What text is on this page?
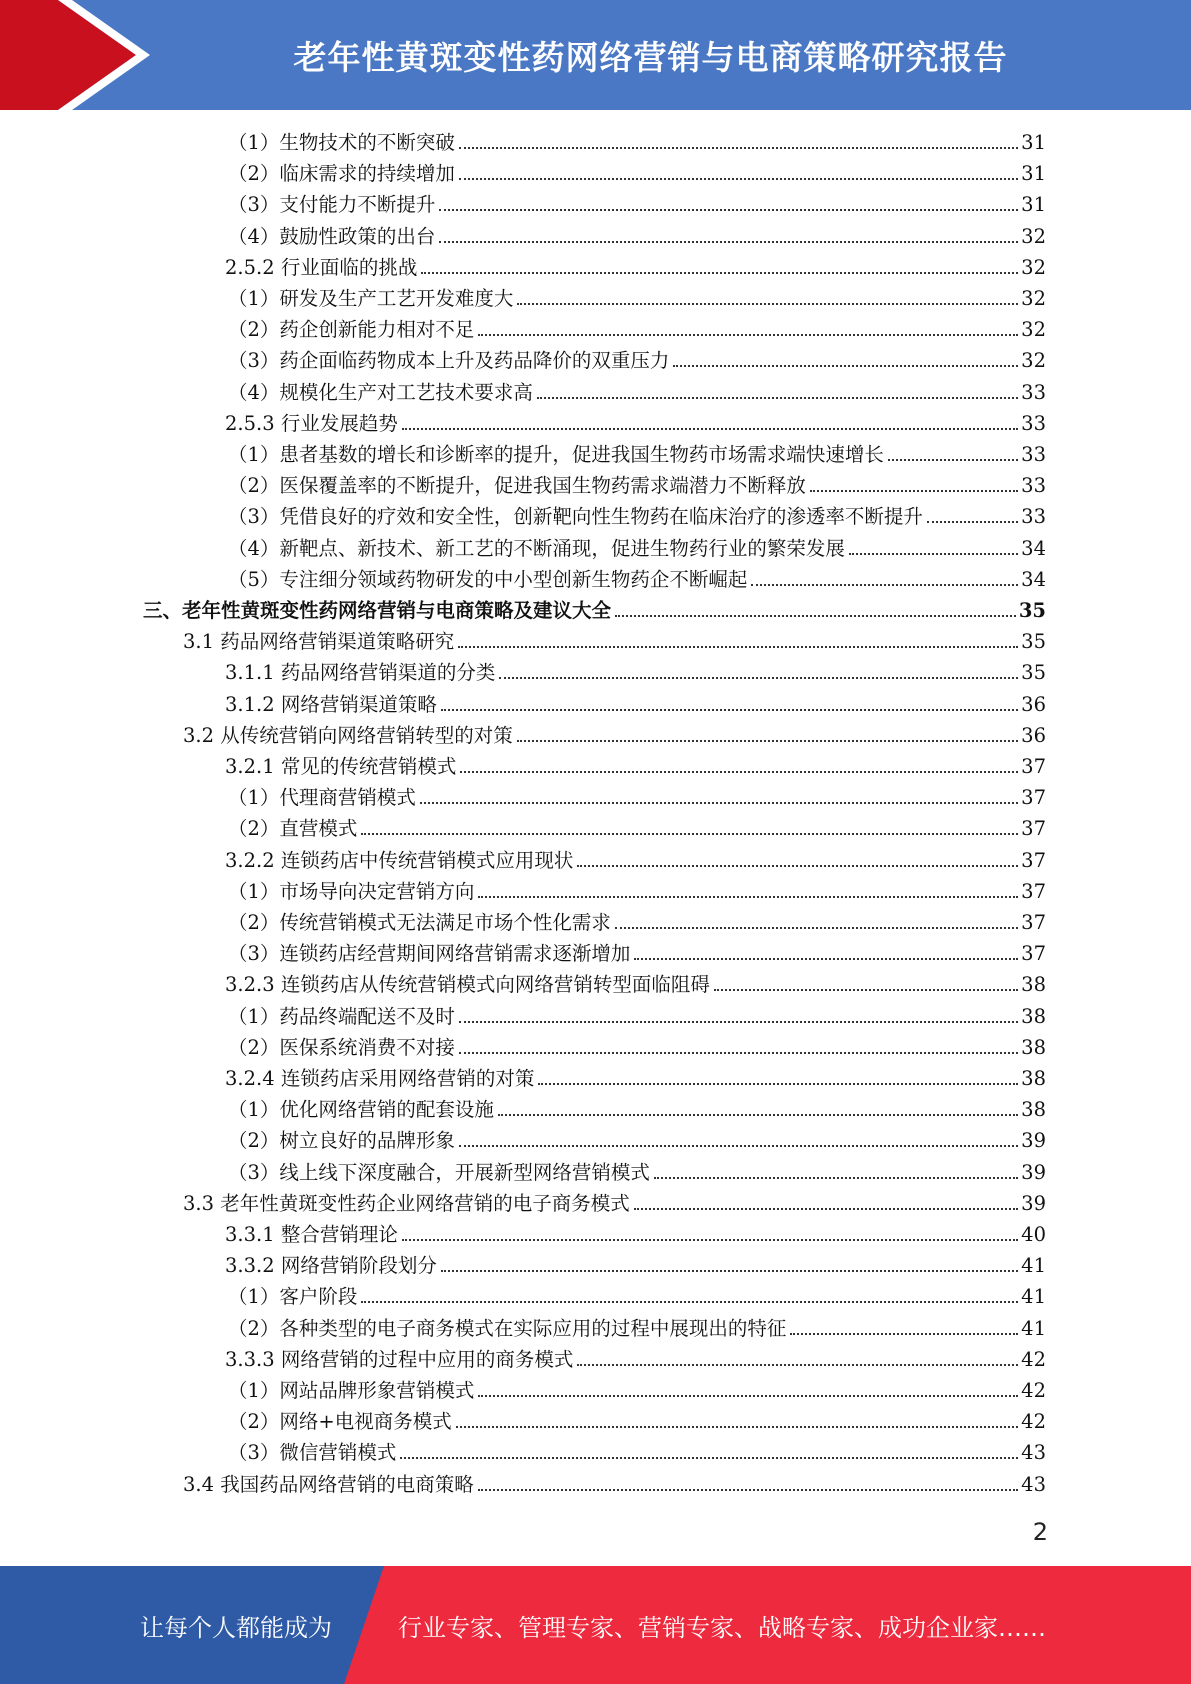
老年性黄斑变性药网络营销与电商策略研究报告
（1）生物技术的不断突破	31
（2）临床需求的持续增加	31
（3）支付能力不断提升	31
（4）鼓励性政策的出台	32
2.5.2 行业面临的挑战	32
（1）研发及生产工艺开发难度大	32
（2）药企创新能力相对不足	32
（3）药企面临药物成本上升及药品降价的双重压力	32
（4）规模化生产对工艺技术要求高	33
2.5.3 行业发展趋势	33
（1）患者基数的增长和诊断率的提升，促进我国生物药市场需求端快速增长	33
（2）医保覆盖率的不断提升，促进我国生物药需求端潜力不断释放	33
（3）凭借良好的疗效和安全性，创新靶向性生物药在临床治疗的渗透率不断提升	33
（4）新靶点、新技术、新工艺的不断涌现，促进生物药行业的繁荣发展	34
（5）专注细分领域药物研发的中小型创新生物药企不断崛起	34
三、老年性黄斑变性药网络营销与电商策略及建议大全	35
3.1 药品网络营销渠道策略研究	35
3.1.1 药品网络营销渠道的分类	35
3.1.2 网络营销渠道策略	36
3.2 从传统营销向网络营销转型的对策	36
3.2.1 常见的传统营销模式	37
（1）代理商营销模式	37
（2）直营模式	37
3.2.2 连锁药店中传统营销模式应用现状	37
（1）市场导向决定营销方向	37
（2）传统营销模式无法满足市场个性化需求	37
（3）连锁药店经营期间网络营销需求逐渐增加	37
3.2.3 连锁药店从传统营销模式向网络营销转型面临阻碍	38
（1）药品终端配送不及时	38
（2）医保系统消费不对接	38
3.2.4 连锁药店采用网络营销的对策	38
（1）优化网络营销的配套设施	38
（2）树立良好的品牌形象	39
（3）线上线下深度融合，开展新型网络营销模式	39
3.3 老年性黄斑变性药企业网络营销的电子商务模式	39
3.3.1 整合营销理论	40
3.3.2 网络营销阶段划分	41
（1）客户阶段	41
（2）各种类型的电子商务模式在实际应用的过程中展现出的特征	41
3.3.3 网络营销的过程中应用的商务模式	42
（1）网站品牌形象营销模式	42
（2）网络+电视商务模式	42
（3）微信营销模式	43
3.4 我国药品网络营销的电商策略	43
2
让每个人都能成为	行业专家、管理专家、营销专家、战略专家、成功企业家……
